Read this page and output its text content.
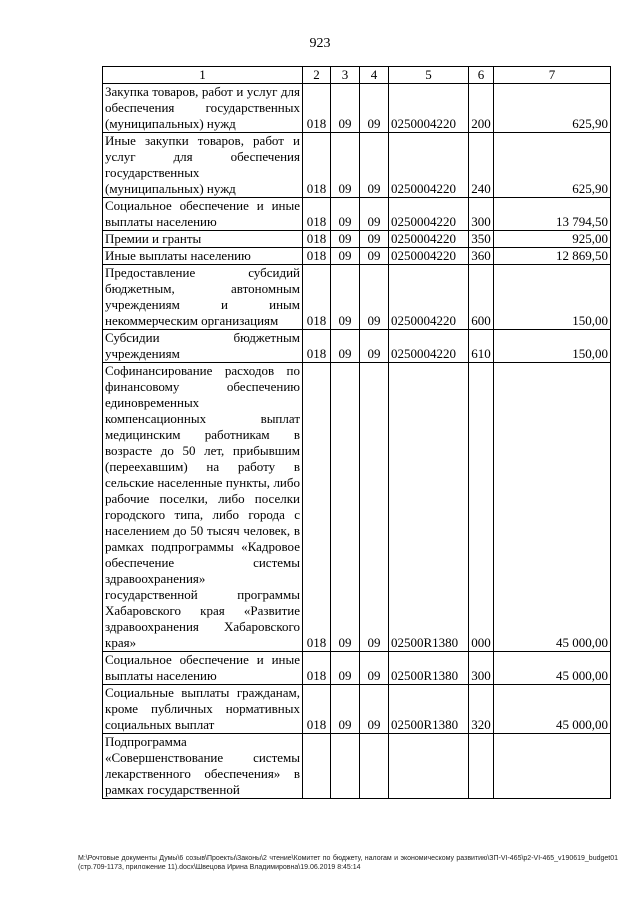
923
1	2	3	4	5	6	7
Закупка товаров, работ и услуг для обеспечения государственных (муниципальных) нужд	018	09	09	0250004220	200	625,90
Иные закупки товаров, работ и услуг для обеспечения государственных (муниципальных) нужд	018	09	09	0250004220	240	625,90
Социальное обеспечение и иные выплаты населению	018	09	09	0250004220	300	13 794,50
Премии и гранты	018	09	09	0250004220	350	925,00
Иные выплаты населению	018	09	09	0250004220	360	12 869,50
Предоставление субсидий бюджетным, автономным учреждениям и иным некоммерческим организациям	018	09	09	0250004220	600	150,00
Субсидии бюджетным учреждениям	018	09	09	0250004220	610	150,00
Софинансирование расходов по финансовому обеспечению единовременных компенсационных выплат медицинским работникам в возрасте до 50 лет, прибывшим (переехавшим) на работу в сельские населенные пункты, либо рабочие поселки, либо поселки городского типа, либо города с населением до 50 тысяч человек, в рамках подпрограммы «Кадровое обеспечение системы здравоохранения» государственной программы Хабаровского края «Развитие здравоохранения Хабаровского края»	018	09	09	02500R1380	000	45 000,00
Социальное обеспечение и иные выплаты населению	018	09	09	02500R1380	300	45 000,00
Социальные выплаты гражданам, кроме публичных нормативных социальных выплат	018	09	09	02500R1380	320	45 000,00
Подпрограмма «Совершенствование системы лекарственного обеспечения» в рамках государственной						
M:\Рочтовые документы Думы\6 созыв\Проекты\Законы\2 чтение\Комитет по бюджету, налогам и экономическому развитию\ЗП-VI-465\р2-VI-465_v190619_budget01 (стр.709-1173, приложение 11).docx\Швецова Ирина Владимировна\19.06.2019 8:45:14
